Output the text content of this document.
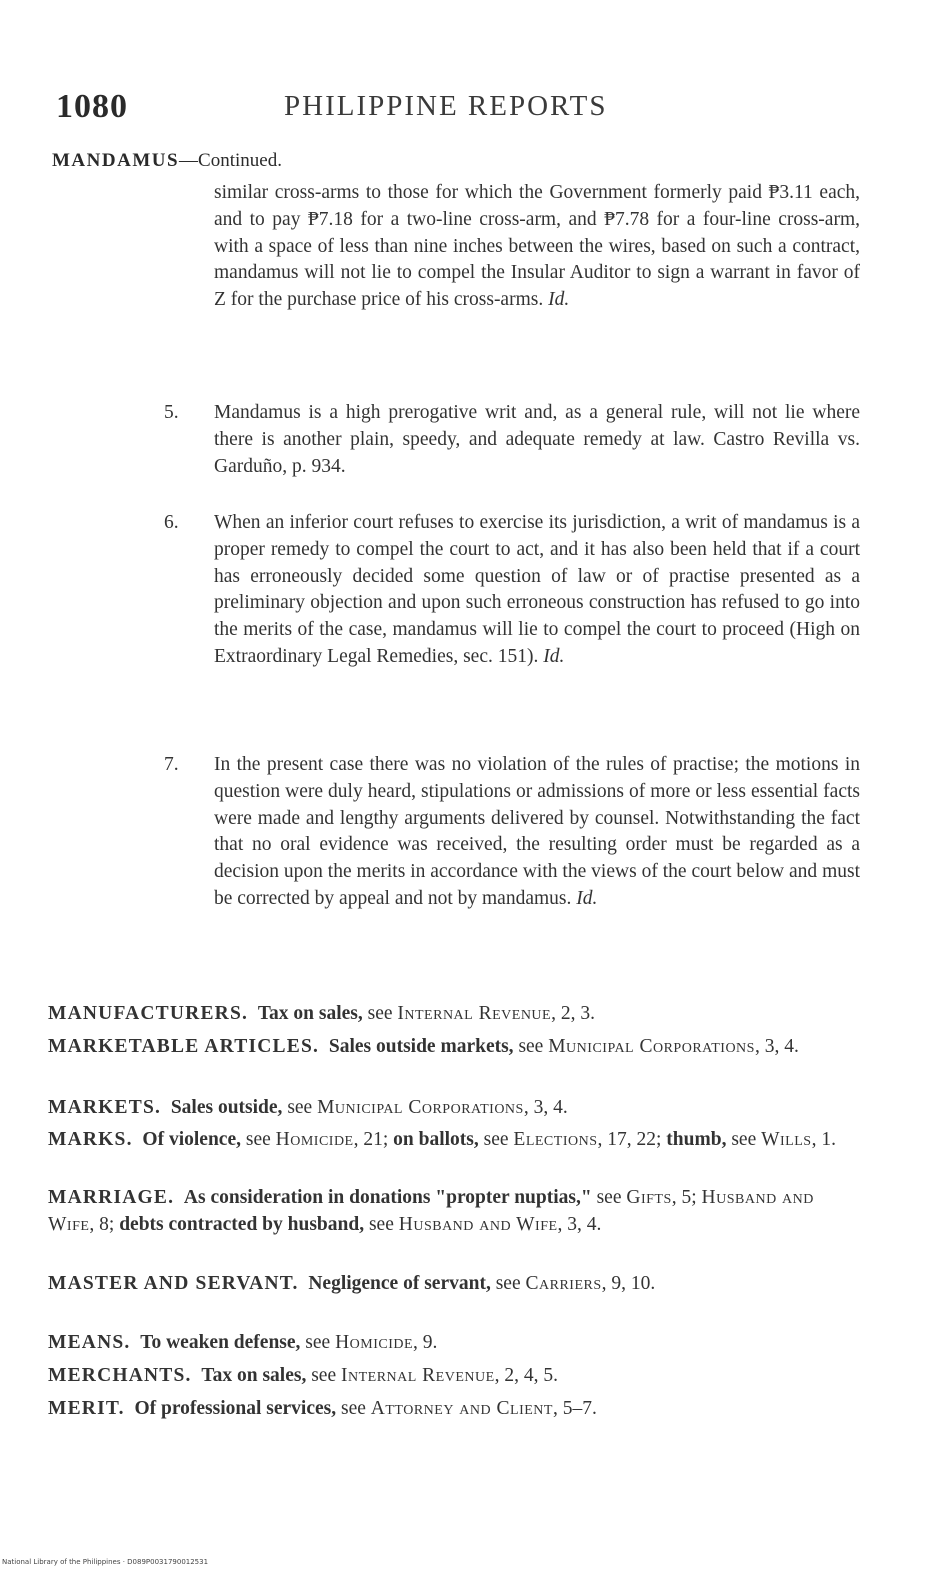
1080	PHILIPPINE REPORTS
MANDAMUS—Continued.
similar cross-arms to those for which the Government formerly paid ₱3.11 each, and to pay ₱7.18 for a two-line cross-arm, and ₱7.78 for a four-line cross-arm, with a space of less than nine inches between the wires, based on such a contract, mandamus will not lie to compel the Insular Auditor to sign a warrant in favor of Z for the purchase price of his cross-arms. Id.
5. Mandamus is a high prerogative writ and, as a general rule, will not lie where there is another plain, speedy, and adequate remedy at law. Castro Revilla vs. Garduño, p. 934.
6. When an inferior court refuses to exercise its jurisdiction, a writ of mandamus is a proper remedy to compel the court to act, and it has also been held that if a court has erroneously decided some question of law or of practise presented as a preliminary objection and upon such erroneous construction has refused to go into the merits of the case, mandamus will lie to compel the court to proceed (High on Extraordinary Legal Remedies, sec. 151). Id.
7. In the present case there was no violation of the rules of practise; the motions in question were duly heard, stipulations or admissions of more or less essential facts were made and lengthy arguments delivered by counsel. Notwithstanding the fact that no oral evidence was received, the resulting order must be regarded as a decision upon the merits in accordance with the views of the court below and must be corrected by appeal and not by mandamus. Id.
MANUFACTURERS. Tax on sales, see Internal Revenue, 2, 3.
MARKETABLE ARTICLES. Sales outside markets, see Municipal Corporations, 3, 4.
MARKETS. Sales outside, see Municipal Corporations, 3, 4.
MARKS. Of violence, see Homicide, 21; on ballots, see Elections, 17, 22; thumb, see Wills, 1.
MARRIAGE. As consideration in donations "propter nuptias," see Gifts, 5; Husband and Wife, 8; debts contracted by husband, see Husband and Wife, 3, 4.
MASTER AND SERVANT. Negligence of servant, see Carriers, 9, 10.
MEANS. To weaken defense, see Homicide, 9.
MERCHANTS. Tax on sales, see Internal Revenue, 2, 4, 5.
MERIT. Of professional services, see Attorney and Client, 5–7.
National Library of the Philippines · D089P0031790012531
